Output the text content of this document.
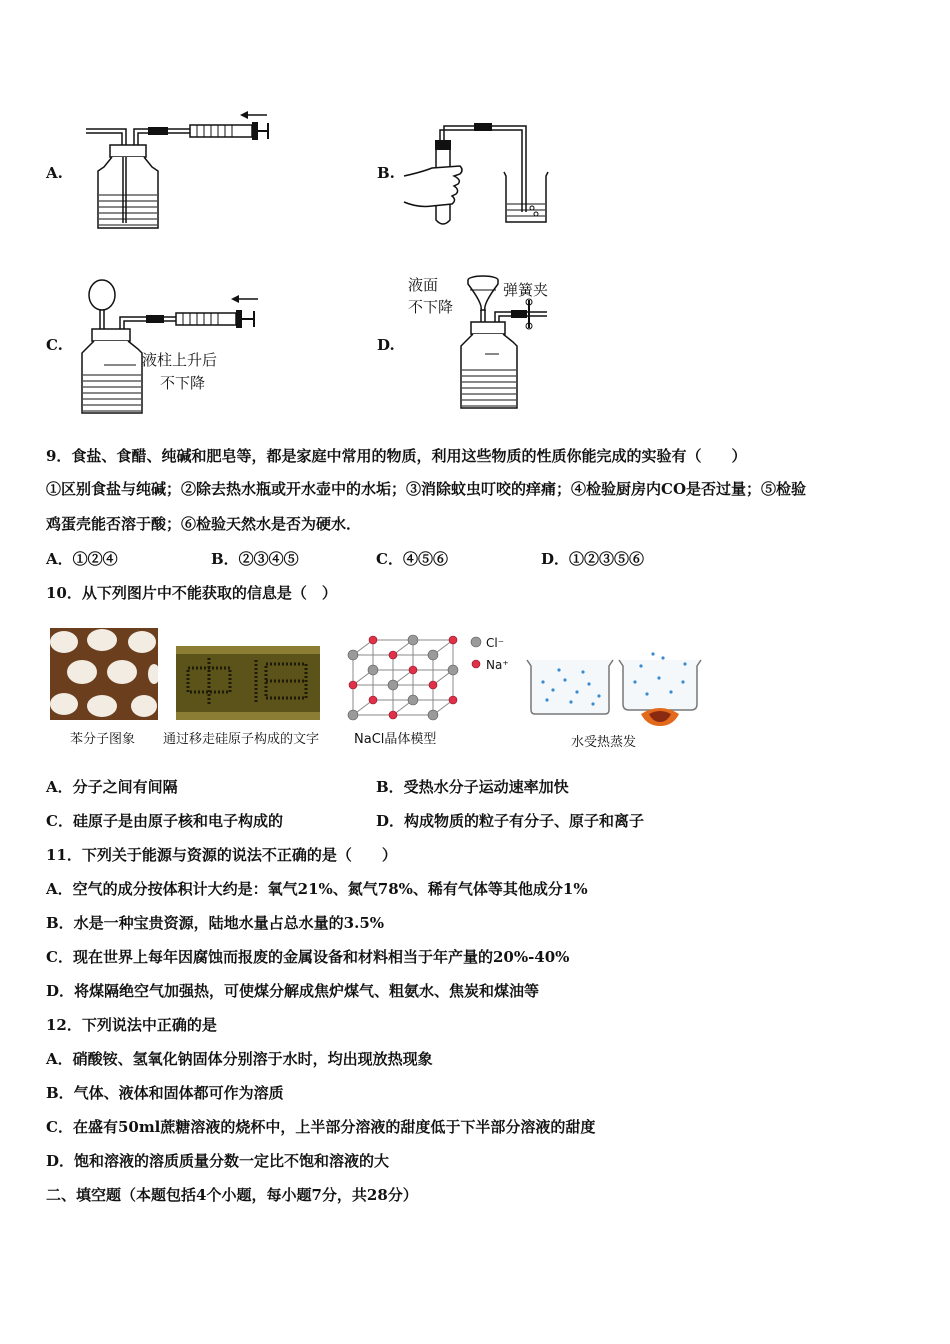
A.	B.
C.	D.
液柱上升后
不下降
液面
不下降
弹簧夹
9．食盐、食醋、纯碱和肥皂等，都是家庭中常用的物质，利用这些物质的性质你能完成的实验有（　　）
①区别食盐与纯碱；②除去热水瓶或开水壶中的水垢；③消除蚊虫叮咬的痒痛；④检验厨房内CO是否过量；⑤检验
鸡蛋壳能否溶于酸；⑥检验天然水是否为硬水．
A．①②④	B．②③④⑤	C．④⑤⑥	D．①②③⑤⑥
10．从下列图片中不能获取的信息是（　）
Cl⁻
Na⁺
苯分子图象 通过移走硅原子构成的文字	NaCl晶体模型	水受热蒸发
A．分子之间有间隔	B．受热水分子运动速率加快
C．硅原子是由原子核和电子构成的	D．构成物质的粒子有分子、原子和离子
11．下列关于能源与资源的说法不正确的是（　　）
A．空气的成分按体积计大约是：氧气21%、氮气78%、稀有气体等其他成分1%
B．水是一种宝贵资源，陆地水量占总水量的3.5%
C．现在世界上每年因腐蚀而报废的金属设备和材料相当于年产量的20%-40%
D．将煤隔绝空气加强热，可使煤分解成焦炉煤气、粗氨水、焦炭和煤油等
12．下列说法中正确的是
A．硝酸铵、氢氧化钠固体分别溶于水时，均出现放热现象
B．气体、液体和固体都可作为溶质
C．在盛有50ml蔗糖溶液的烧杯中，上半部分溶液的甜度低于下半部分溶液的甜度
D．饱和溶液的溶质质量分数一定比不饱和溶液的大
二、填空题（本题包括4个小题，每小题7分，共28分）
